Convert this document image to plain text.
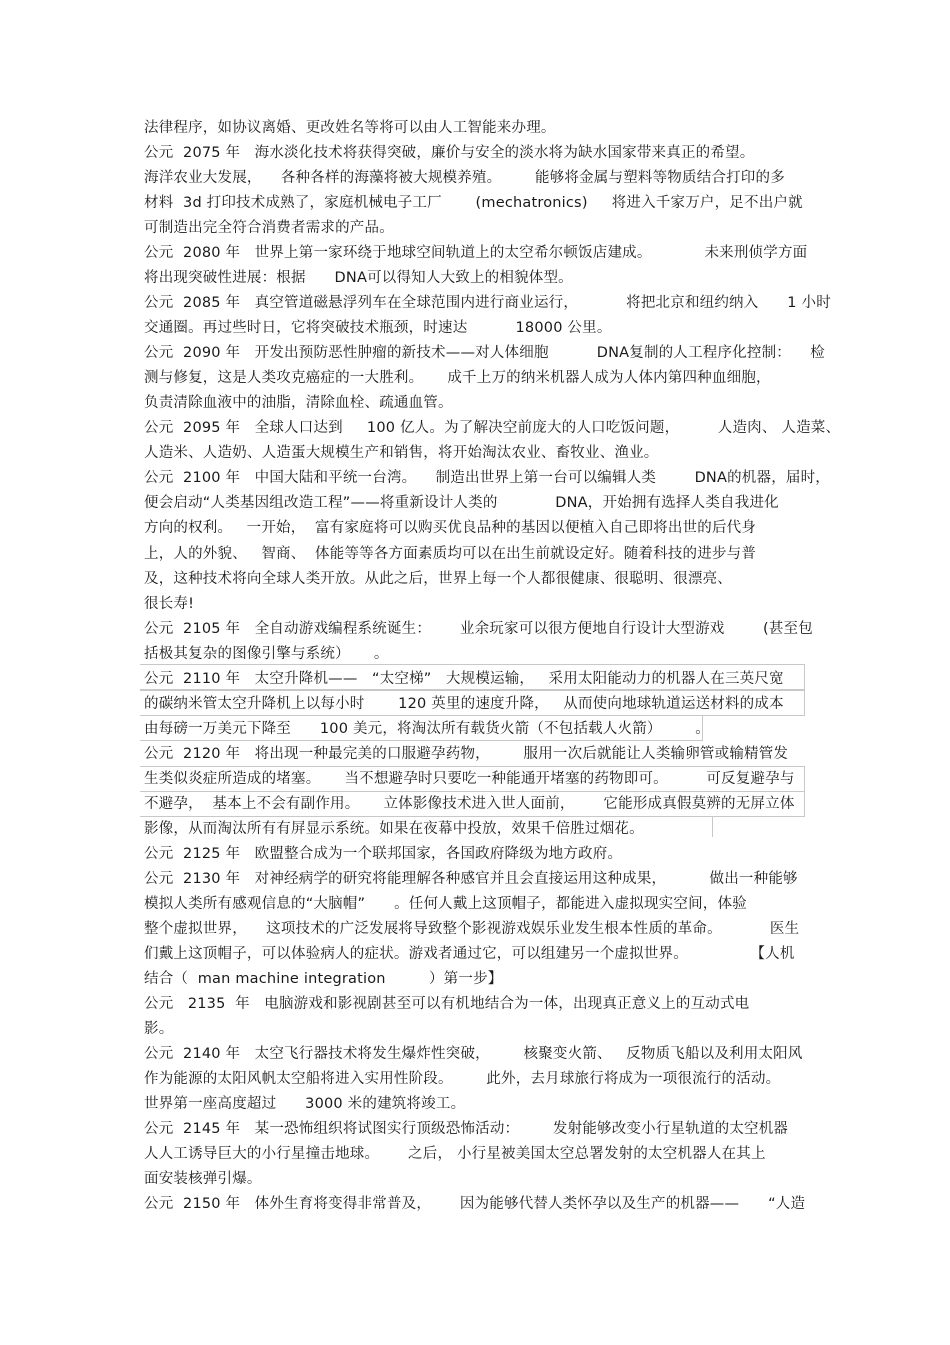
法律程序，如协议离婚、更改姓名等将可以由人工智能来办理。
公元  2075 年   海水淡化技术将获得突破，廉价与安全的淡水将为缺水国家带来真正的希望。
海洋农业大发展，    各种各样的海藻将被大规模养殖。       能够将金属与塑料等物质结合打印的多
材料  3d 打印技术成熟了，家庭机械电子工厂       (mechatronics)     将进入千家万户，足不出户就
可制造出完全符合消费者需求的产品。
公元  2080 年   世界上第一家环绕于地球空间轨道上的太空希尔顿饭店建成。           未来刑侦学方面
将出现突破性进展：根据      DNA可以得知人大致上的相貌体型。
公元  2085 年   真空管道磁悬浮列车在全球范围内进行商业运行，          将把北京和纽约纳入      1 小时
交通圈。再过些时日，它将突破技术瓶颈，时速达          18000 公里。
公元  2090 年   开发出预防恶性肿瘤的新技术——对人体细胞          DNA复制的人工程序化控制：    检
测与修复，这是人类攻克癌症的一大胜利。     成千上万的纳米机器人成为人体内第四种血细胞，
负责清除血液中的油脂，清除血栓、疏通血管。
公元  2095 年   全球人口达到     100 亿人。为了解决空前庞大的人口吃饭问题，        人造肉、 人造菜、
人造米、人造奶、人造蛋大规模生产和销售，将开始淘汰农业、畜牧业、渔业。
公元  2100 年   中国大陆和平统一台湾。    制造出世界上第一台可以编辑人类        DNA的机器，届时，
便会启动“人类基因组改造工程”——将重新设计人类的            DNA，开始拥有选择人类自我进化
方向的权利。   一开始，  富有家庭将可以购买优良品种的基因以便植入自己即将出世的后代身
上，人的外貌、   智商、  体能等等各方面素质均可以在出生前就设定好。随着科技的进步与普
及，这种技术将向全球人类开放。从此之后，世界上每一个人都很健康、很聪明、很漂亮、
很长寿!
公元  2105 年   全自动游戏编程系统诞生：      业余玩家可以很方便地自行设计大型游戏        (甚至包
括极其复杂的图像引擎与系统）     。
公元  2110 年   太空升降机——   “太空梯”   大规模运输，   采用太阳能动力的机器人在三英尺宽
的碳纳米管太空升降机上以每小时       120 英里的速度升降，   从而使向地球轨道运送材料的成本
由每磅一万美元下降至      100 美元，将淘汰所有载货火箭（不包括载人火箭）       。
公元  2120 年   将出现一种最完美的口服避孕药物，       服用一次后就能让人类输卵管或输精管发
生类似炎症所造成的堵塞。     当不想避孕时只要吃一种能通开堵塞的药物即可。        可反复避孕与
不避孕，  基本上不会有副作用。     立体影像技术进入世人面前，      它能形成真假莫辨的无屏立体
影像，从而淘汰所有有屏显示系统。如果在夜幕中投放，效果千倍胜过烟花。
公元  2125 年   欧盟整合成为一个联邦国家，各国政府降级为地方政府。
公元  2130 年   对神经病学的研究将能理解各种感官并且会直接运用这种成果，         做出一种能够
模拟人类所有感观信息的“大脑帽”      。任何人戴上这顶帽子，都能进入虚拟现实空间，体验
整个虚拟世界，    这项技术的广泛发展将导致整个影视游戏娱乐业发生根本性质的革命。          医生
们戴上这顶帽子，可以体验病人的症状。游戏者通过它，可以组建另一个虚拟世界。             【人机
结合（  man machine integration         ）第一步】
公元   2135  年   电脑游戏和影视剧甚至可以有机地结合为一体，出现真正意义上的互动式电
影。
公元  2140 年   太空飞行器技术将发生爆炸性突破，       核聚变火箭、   反物质飞船以及利用太阳风
作为能源的太阳风帆太空船将进入实用性阶段。       此外，去月球旅行将成为一项很流行的活动。
世界第一座高度超过      3000 米的建筑将竣工。
公元  2145 年   某一恐怖组织将试图实行顶级恐怖活动：       发射能够改变小行星轨道的太空机器
人人工诱导巨大的小行星撞击地球。      之后， 小行星被美国太空总署发射的太空机器人在其上
面安装核弹引爆。
公元  2150 年   体外生育将变得非常普及，      因为能够代替人类怀孕以及生产的机器——      “人造
